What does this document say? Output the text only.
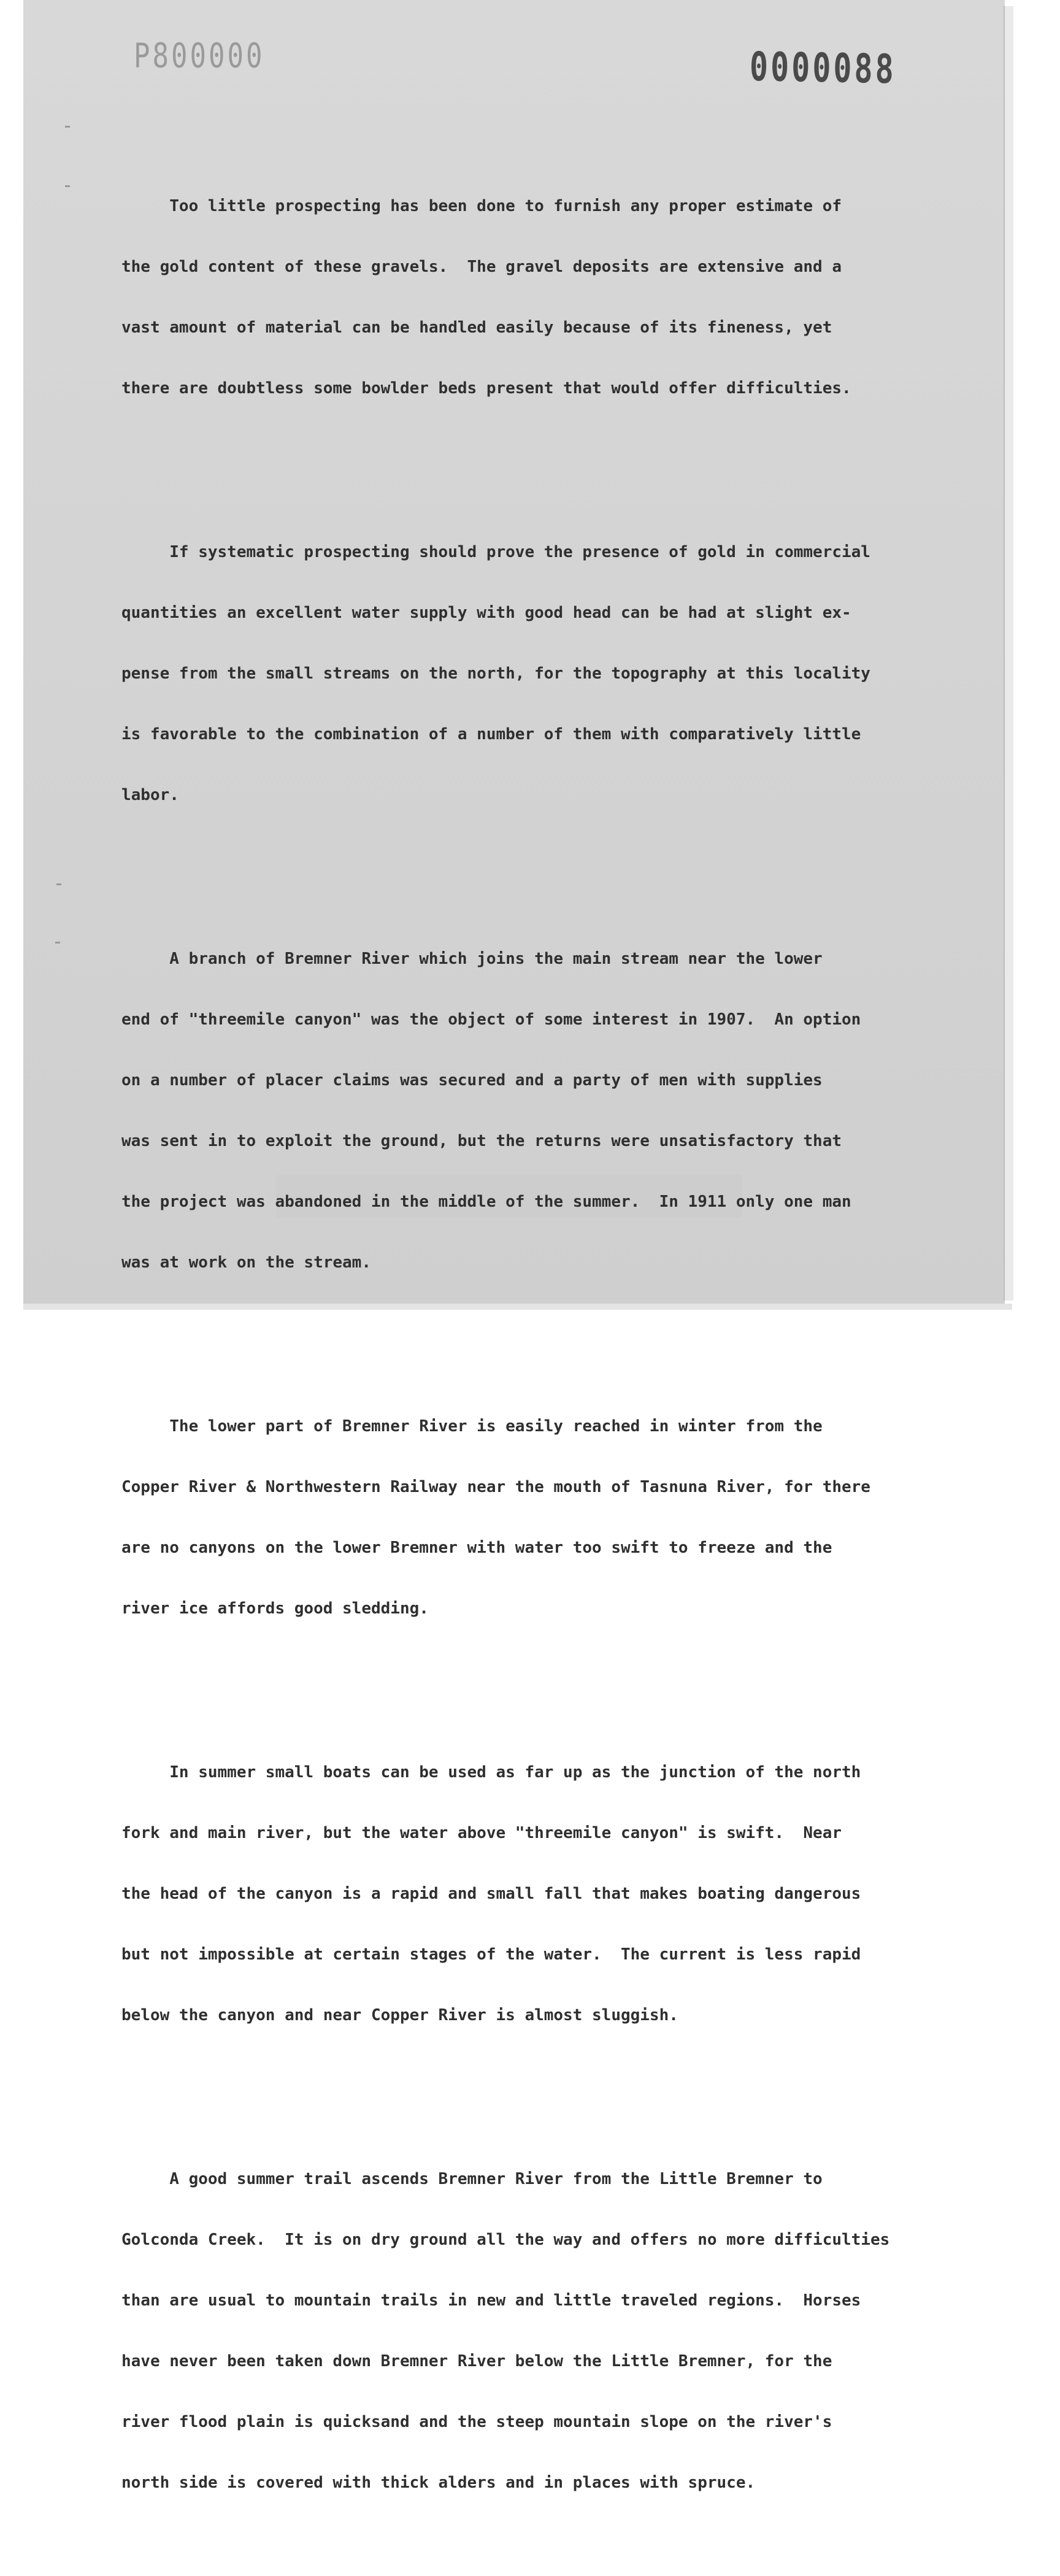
P800000	0000088

Too little prospecting has been done to furnish any proper estimate of

the gold content of these gravels.  The gravel deposits are extensive and a

vast amount of material can be handled easily because of its fineness, yet

there are doubtless some bowlder beds present that would offer difficulties.

If systematic prospecting should prove the presence of gold in commercial

quantities an excellent water supply with good head can be had at slight ex-

pense from the small streams on the north, for the topography at this locality

is favorable to the combination of a number of them with comparatively little

labor.

A branch of Bremner River which joins the main stream near the lower

end of "threemile canyon" was the object of some interest in 1907.  An option

on a number of placer claims was secured and a party of men with supplies

was sent in to exploit the ground, but the returns were unsatisfactory that

the project was abandoned in the middle of the summer.  In 1911 only one man

was at work on the stream.

The lower part of Bremner River is easily reached in winter from the

Copper River & Northwestern Railway near the mouth of Tasnuna River, for there

are no canyons on the lower Bremner with water too swift to freeze and the

river ice affords good sledding.

In summer small boats can be used as far up as the junction of the north

fork and main river, but the water above "threemile canyon" is swift.  Near

the head of the canyon is a rapid and small fall that makes boating dangerous

but not impossible at certain stages of the water.  The current is less rapid

below the canyon and near Copper River is almost sluggish.

A good summer trail ascends Bremner River from the Little Bremner to

Golconda Creek.  It is on dry ground all the way and offers no more difficulties

than are usual to mountain trails in new and little traveled regions.  Horses

have never been taken down Bremner River below the Little Bremner, for the

river flood plain is quicksand and the steep mountain slope on the river's

north side is covered with thick alders and in places with spruce.
